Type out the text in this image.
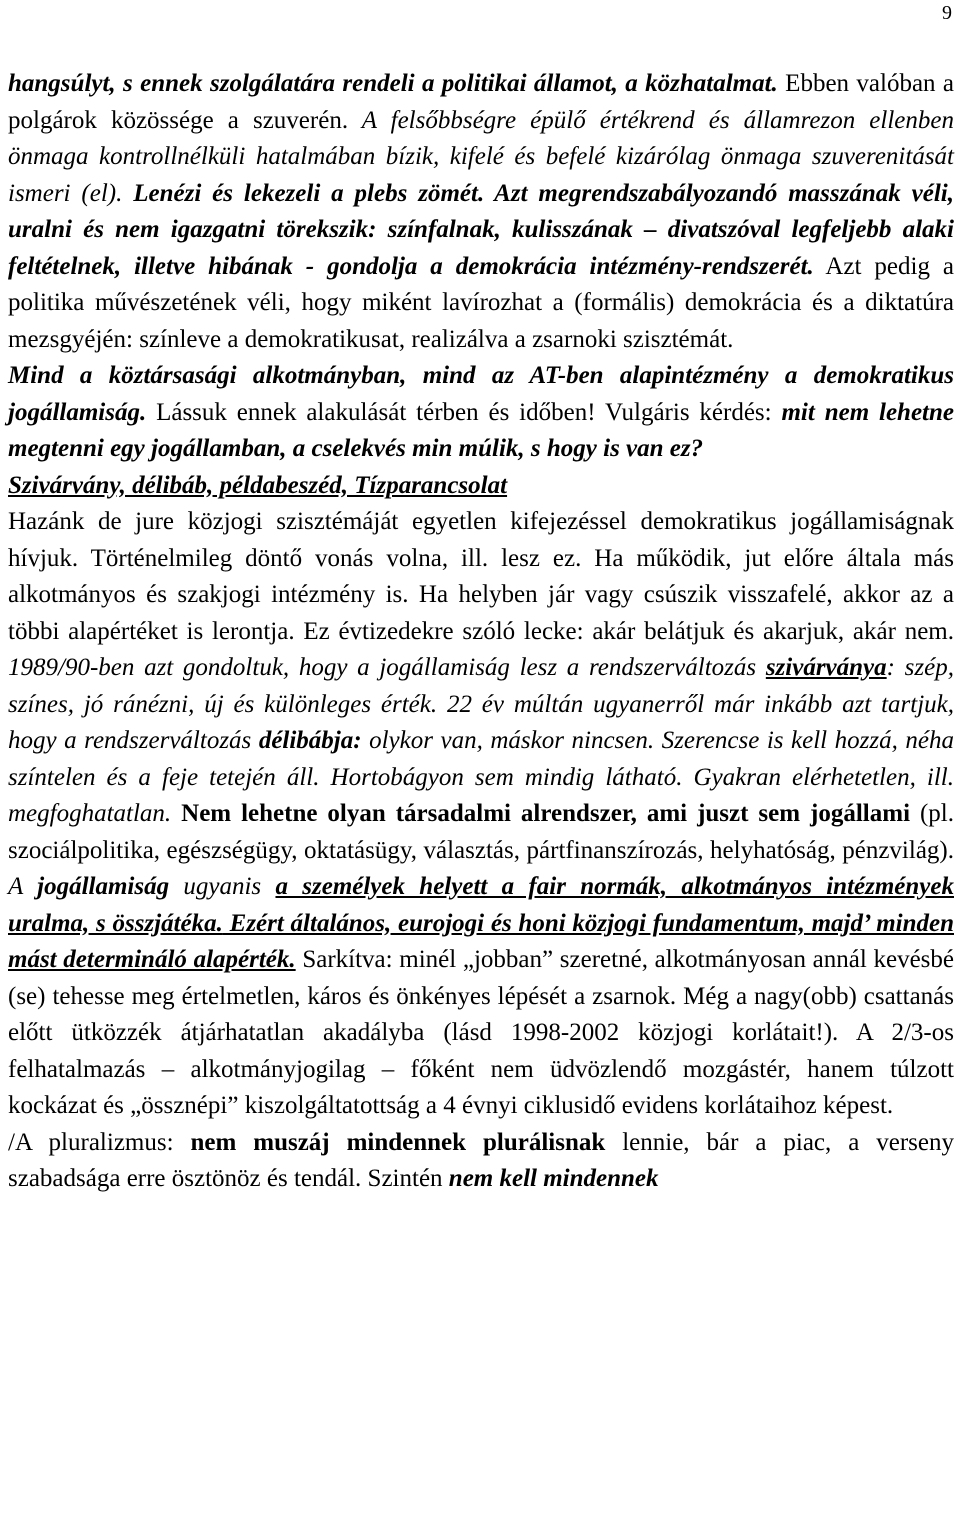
9

hangsúlyt, s ennek szolgálatára rendeli a politikai államot, a közhatalmat. Ebben valóban a polgárok közössége a szuverén. A felsőbbségre épülő értékrend és államrezon ellenben önmaga kontrollnélküli hatalmában bízik, kifelé és befelé kizárólag önmaga szuverenitását ismeri (el). Lenézi és lekezeli a plebs zömét. Azt megrendszabályozandó masszának véli, uralni és nem igazgatni törekszik: színfalnak, kulisszának – divatszóval legfeljebb alaki feltételnek, illetve hibának - gondolja a demokrácia intézmény-rendszerét. Azt pedig a politika művészetének véli, hogy miként lavírozhat a (formális) demokrácia és a diktatúra mezsgyéjén: színleve a demokratikusat, realizálva a zsarnoki szisztémát.

Mind a köztársasági alkotmányban, mind az AT-ben alapintézmény a demokratikus jogállamiság. Lássuk ennek alakulását térben és időben! Vulgáris kérdés: mit nem lehetne megtenni egy jogállamban, a cselekvés min múlik, s hogy is van ez?

Szivárvány, délibáb, példabeszéd, Tízparancsolat

Hazánk de jure közjogi szisztémáját egyetlen kifejezéssel demokratikus jogállamiságnak hívjuk. Történelmileg döntő vonás volna, ill. lesz ez. Ha működik, jut előre általa más alkotmányos és szakjogi intézmény is. Ha helyben jár vagy csúszik visszafelé, akkor az a többi alapértéket is lerontja. Ez évtizedekre szóló lecke: akár belátjuk és akarjuk, akár nem. 1989/90-ben azt gondoltuk, hogy a jogállamiság lesz a rendszerváltozás szivárványa: szép, színes, jó ránézni, új és különleges érték. 22 év múltán ugyanerről már inkább azt tartjuk, hogy a rendszerváltozás délibábja: olykor van, máskor nincsen. Szerencse is kell hozzá, néha színtelen és a feje tetején áll. Hortobágyon sem mindig látható. Gyakran elérhetetlen, ill. megfoghatatlan. Nem lehetne olyan társadalmi alrendszer, ami juszt sem jogállami (pl. szociálpolitika, egészségügy, oktatásügy, választás, pártfinanszírozás, helyhatóság, pénzvilág). A jogállamiság ugyanis a személyek helyett a fair normák, alkotmányos intézmények uralma, s összjátéka. Ezért általános, eurojogi és honi közjogi fundamentum, majd’ minden mást determináló alapérték. Sarkítva: minél „jobban” szeretné, alkotmányosan annál kevésbé (se) tehesse meg értelmetlen, káros és önkényes lépését a zsarnok. Még a nagy(obb) csattanás előtt ütközzék átjárhatatlan akadályba (lásd 1998-2002 közjogi korlátait!). A 2/3-os felhatalmazás – alkotmányjogilag – főként nem üdvözlendő mozgástér, hanem túlzott kockázat és „össznépi” kiszolgáltatottság a 4 évnyi ciklusidő evidens korlátaihoz képest.

/A pluralizmus: nem muszáj mindennek plurálisnak lennie, bár a piac, a verseny szabadsága erre ösztönöz és tendál. Szintén nem kell mindennek
